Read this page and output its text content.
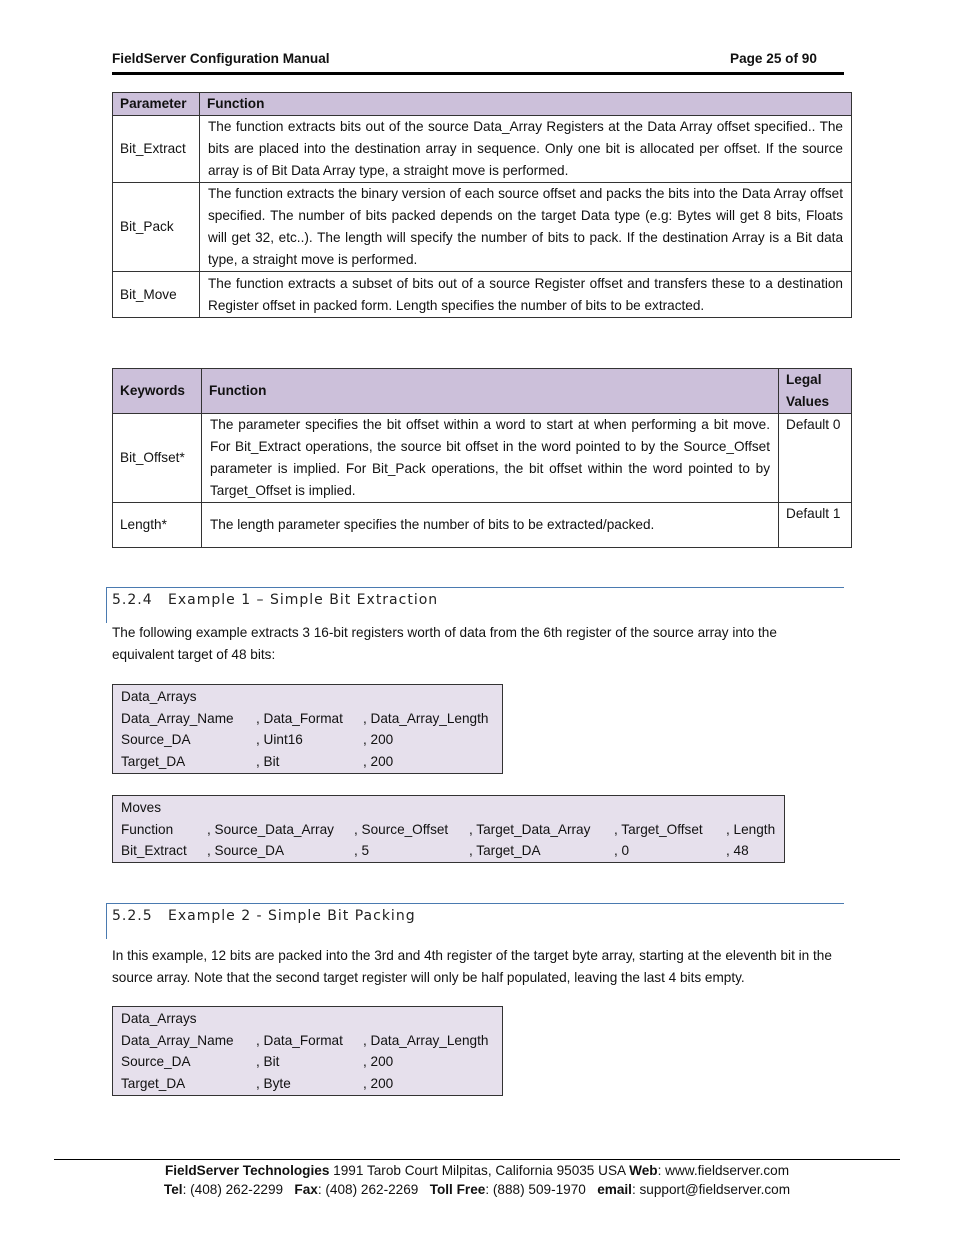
FieldServer Configuration Manual	Page 25 of 90
Parameter	Function
Bit_Extract	The function extracts bits out of the source Data_Array Registers at the Data Array offset specified.. The bits are placed into the destination array in sequence. Only one bit is allocated per offset. If the source array is of Bit Data Array type, a straight move is performed.
Bit_Pack	The function extracts the binary version of each source offset and packs the bits into the Data Array offset specified. The number of bits packed depends on the target Data type (e.g: Bytes will get 8 bits, Floats will get 32, etc..). The length will specify the number of bits to pack. If the destination Array is a Bit data type, a straight move is performed.
Bit_Move	The function extracts a subset of bits out of a source Register offset and transfers these to a destination Register offset in packed form. Length specifies the number of bits to be extracted.
Keywords	Function	Legal Values
Bit_Offset*	The parameter specifies the bit offset within a word to start at when performing a bit move. For Bit_Extract operations, the source bit offset in the word pointed to by the Source_Offset parameter is implied. For Bit_Pack operations, the bit offset within the word pointed to by Target_Offset is implied.	Default 0
Length*	The length parameter specifies the number of bits to be extracted/packed.	Default 1
5.2.4 Example 1 – Simple Bit Extraction
The following example extracts 3 16-bit registers worth of data from the 6th register of the source array into the equivalent target of 48 bits:
Data_Arrays
Data_Array_Name , Data_Format , Data_Array_Length
Source_DA	, Uint16	, 200
Target_DA	, Bit	, 200
Moves
Function , Source_Data_Array , Source_Offset , Target_Data_Array , Target_Offset , Length
Bit_Extract , Source_DA	, 5	, Target_DA	, 0	, 48
5.2.5 Example 2 - Simple Bit Packing
In this example, 12 bits are packed into the 3rd and 4th register of the target byte array, starting at the eleventh bit in the source array. Note that the second target register will only be half populated, leaving the last 4 bits empty.
Data_Arrays
Data_Array_Name , Data_Format , Data_Array_Length
Source_DA	, Bit	, 200
Target_DA	, Byte	, 200
FieldServer Technologies 1991 Tarob Court Milpitas, California 95035 USA Web: www.fieldserver.com
Tel: (408) 262-2299   Fax: (408) 262-2269   Toll Free: (888) 509-1970   email: support@fieldserver.com
